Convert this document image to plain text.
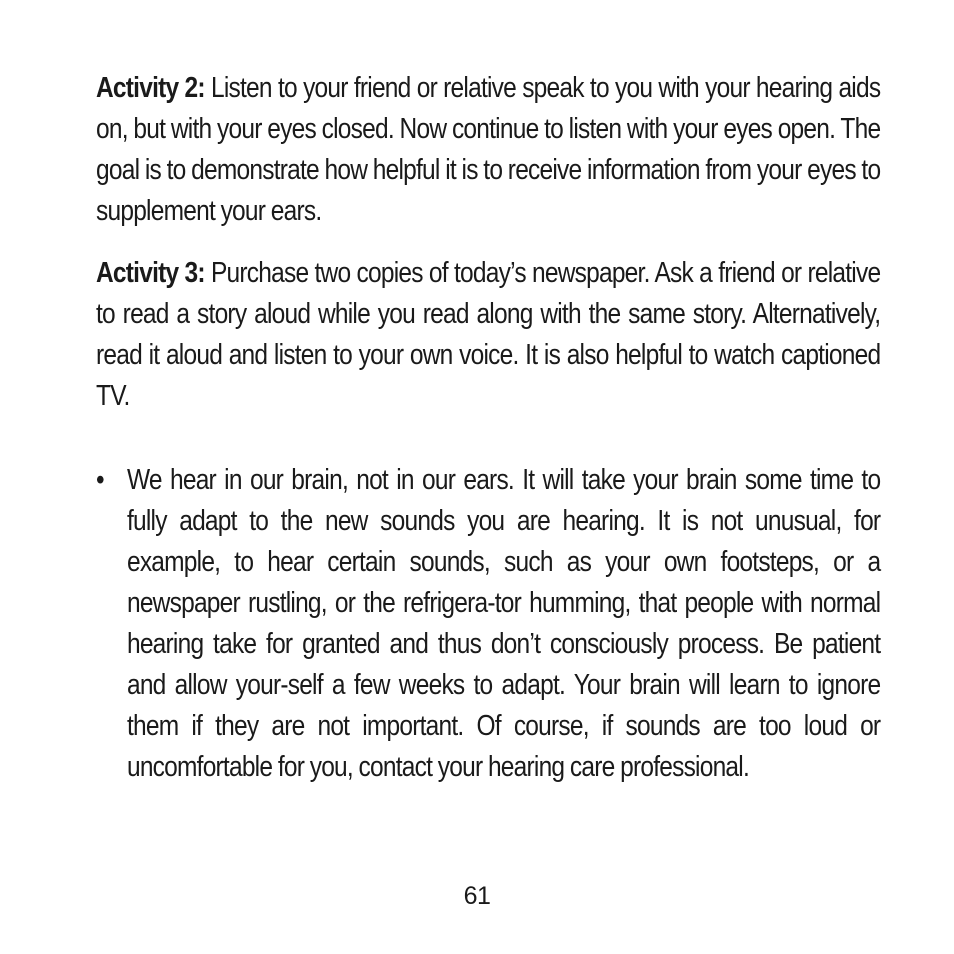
Activity 2: Listen to your friend or relative speak to you with your hearing aids on, but with your eyes closed. Now continue to listen with your eyes open. The goal is to demonstrate how helpful it is to receive information from your eyes to supplement your ears.

Activity 3: Purchase two copies of today’s newspaper. Ask a friend or relative to read a story aloud while you read along with the same story. Alternatively, read it aloud and listen to your own voice. It is also helpful to watch captioned TV.

• We hear in our brain, not in our ears. It will take your brain some time to fully adapt to the new sounds you are hearing. It is not unusual, for example, to hear certain sounds, such as your own footsteps, or a newspaper rustling, or the refrigera-tor humming, that people with normal hearing take for granted and thus don’t consciously process. Be patient and allow your-self a few weeks to adapt. Your brain will learn to ignore them if they are not important. Of course, if sounds are too loud or uncomfortable for you, contact your hearing care professional.
61
